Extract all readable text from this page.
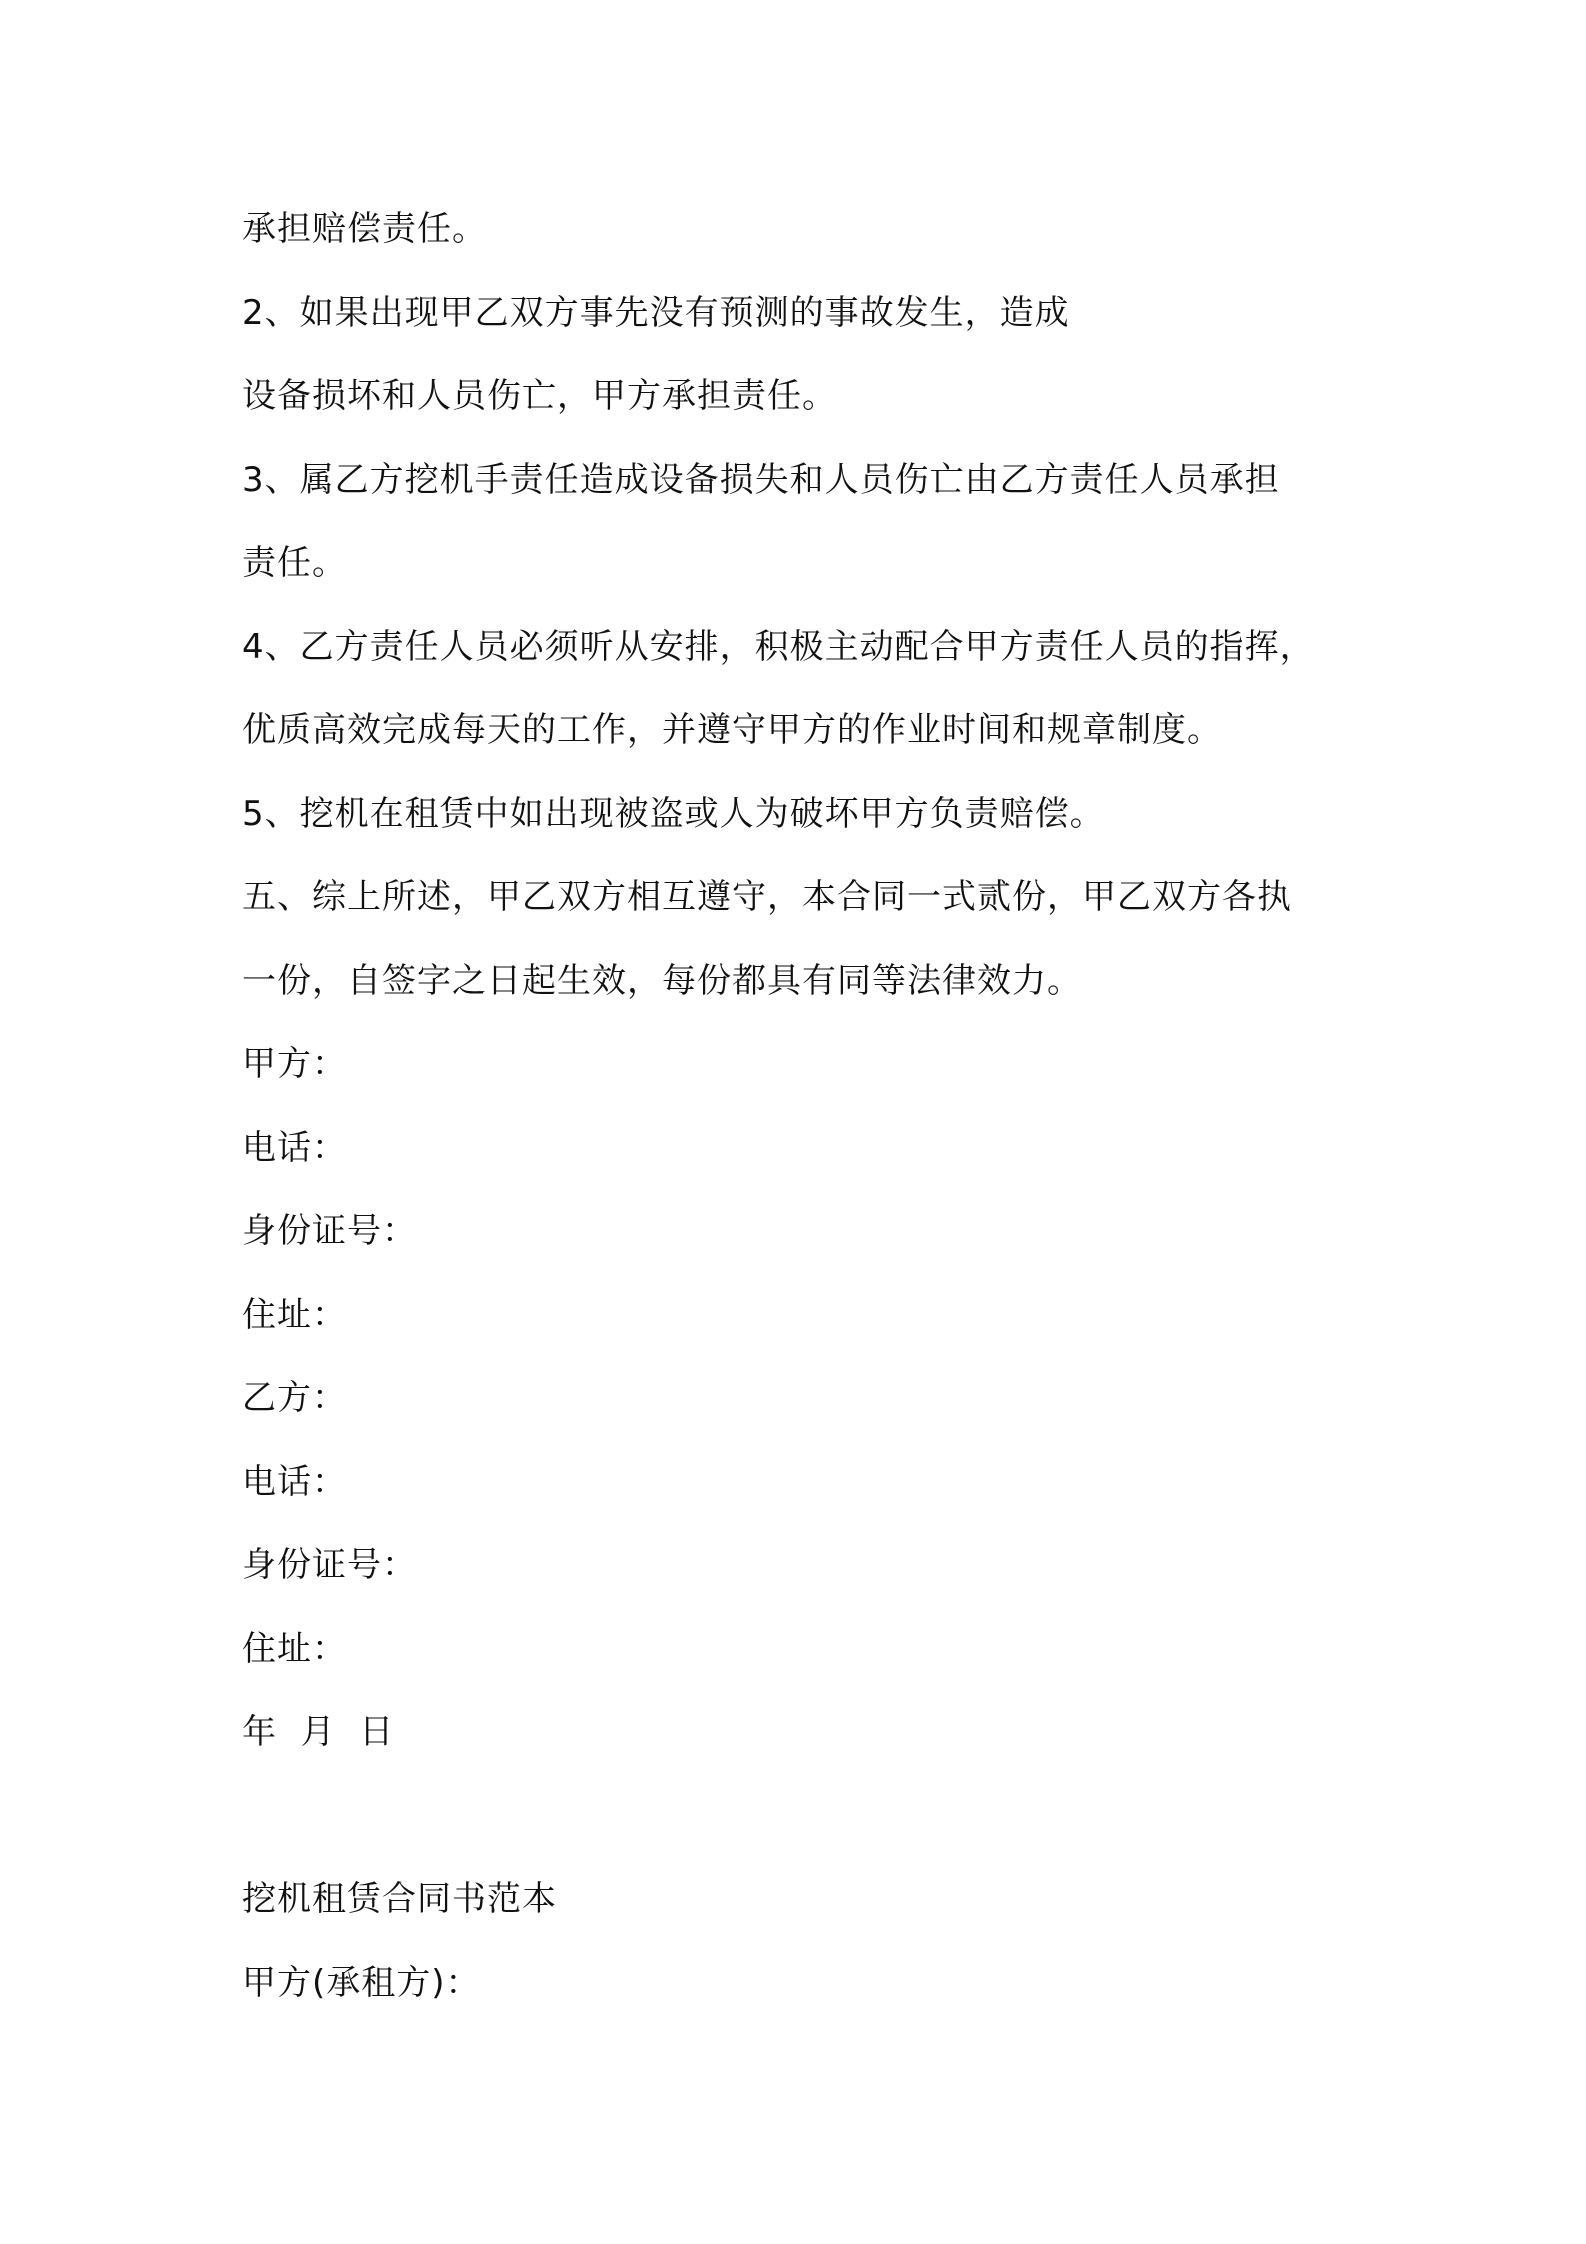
承担赔偿责任。
2、如果出现甲乙双方事先没有预测的事故发生，造成
设备损坏和人员伤亡，甲方承担责任。
3、属乙方挖机手责任造成设备损失和人员伤亡由乙方责任人员承担
责任。
4、乙方责任人员必须听从安排，积极主动配合甲方责任人员的指挥，
优质高效完成每天的工作，并遵守甲方的作业时间和规章制度。
5、挖机在租赁中如出现被盗或人为破坏甲方负责赔偿。
五、综上所述，甲乙双方相互遵守，本合同一式贰份，甲乙双方各执
一份，自签字之日起生效，每份都具有同等法律效力。
甲方：
电话：
身份证号：
住址：
乙方：
电话：
身份证号：
住址：
年  月  日
挖机租赁合同书范本
甲方(承租方)：
